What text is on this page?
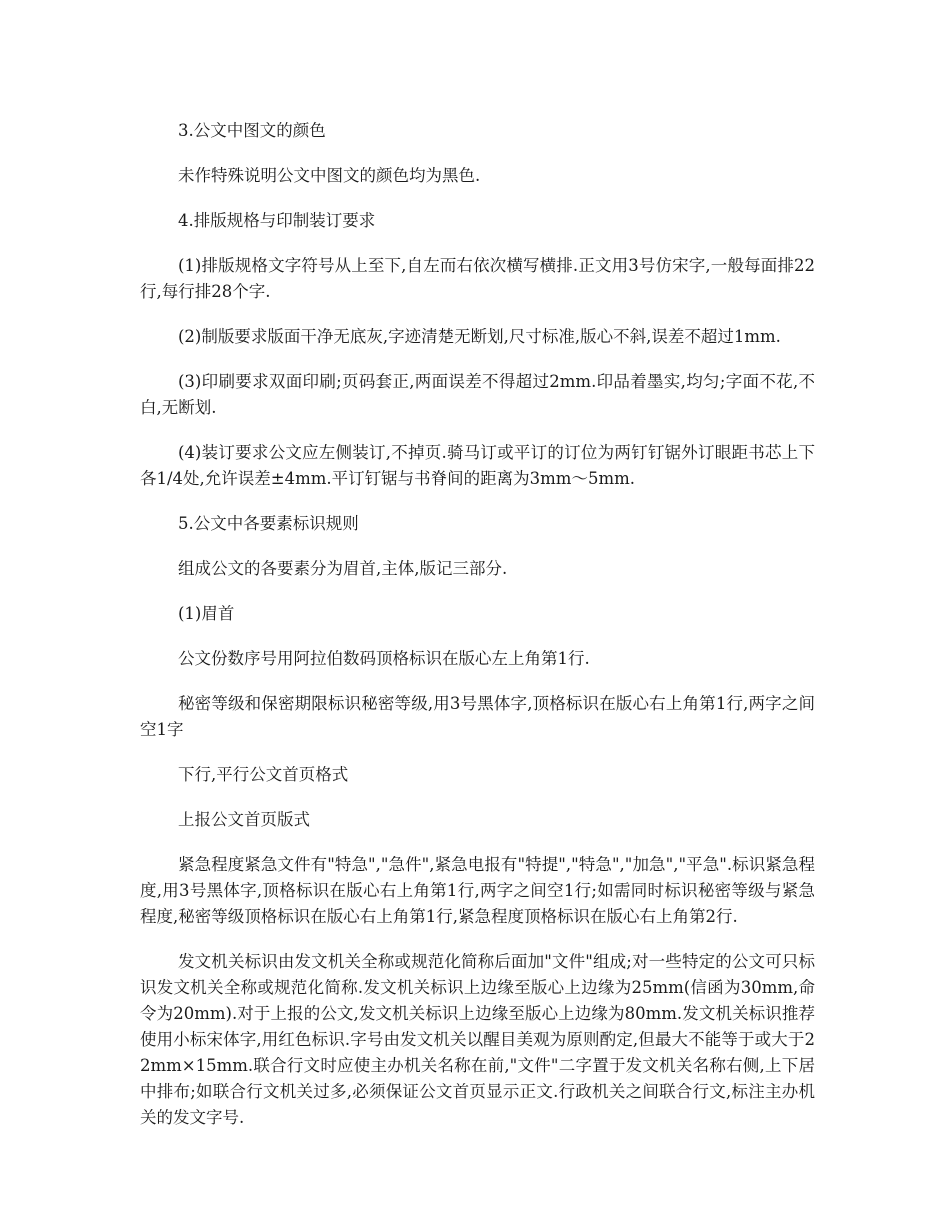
3.公文中图文的颜色

未作特殊说明公文中图文的颜色均为黑色.

4.排版规格与印制装订要求

(1)排版规格文字符号从上至下,自左而右依次横写横排.正文用3号仿宋字,一般每面排22行,每行排28个字.

(2)制版要求版面干净无底灰,字迹清楚无断划,尺寸标准,版心不斜,误差不超过1mm.

(3)印刷要求双面印刷;页码套正,两面误差不得超过2mm.印品着墨实,均匀;字面不花,不白,无断划.

(4)装订要求公文应左侧装订,不掉页.骑马订或平订的订位为两钉钉锯外订眼距书芯上下各1/4处,允许误差±4mm.平订钉锯与书脊间的距离为3mm～5mm.

5.公文中各要素标识规则

组成公文的各要素分为眉首,主体,版记三部分.

(1)眉首

公文份数序号用阿拉伯数码顶格标识在版心左上角第1行.

秘密等级和保密期限标识秘密等级,用3号黑体字,顶格标识在版心右上角第1行,两字之间空1字

下行,平行公文首页格式

上报公文首页版式

紧急程度紧急文件有"特急","急件",紧急电报有"特提","特急","加急","平急".标识紧急程度,用3号黑体字,顶格标识在版心右上角第1行,两字之间空1行;如需同时标识秘密等级与紧急程度,秘密等级顶格标识在版心右上角第1行,紧急程度顶格标识在版心右上角第2行.

发文机关标识由发文机关全称或规范化简称后面加"文件"组成;对一些特定的公文可只标识发文机关全称或规范化简称.发文机关标识上边缘至版心上边缘为25mm(信函为30mm,命令为20mm).对于上报的公文,发文机关标识上边缘至版心上边缘为80mm.发文机关标识推荐使用小标宋体字,用红色标识.字号由发文机关以醒目美观为原则酌定,但最大不能等于或大于22mm×15mm.联合行文时应使主办机关名称在前,"文件"二字置于发文机关名称右侧,上下居中排布;如联合行文机关过多,必须保证公文首页显示正文.行政机关之间联合行文,标注主办机关的发文字号.
